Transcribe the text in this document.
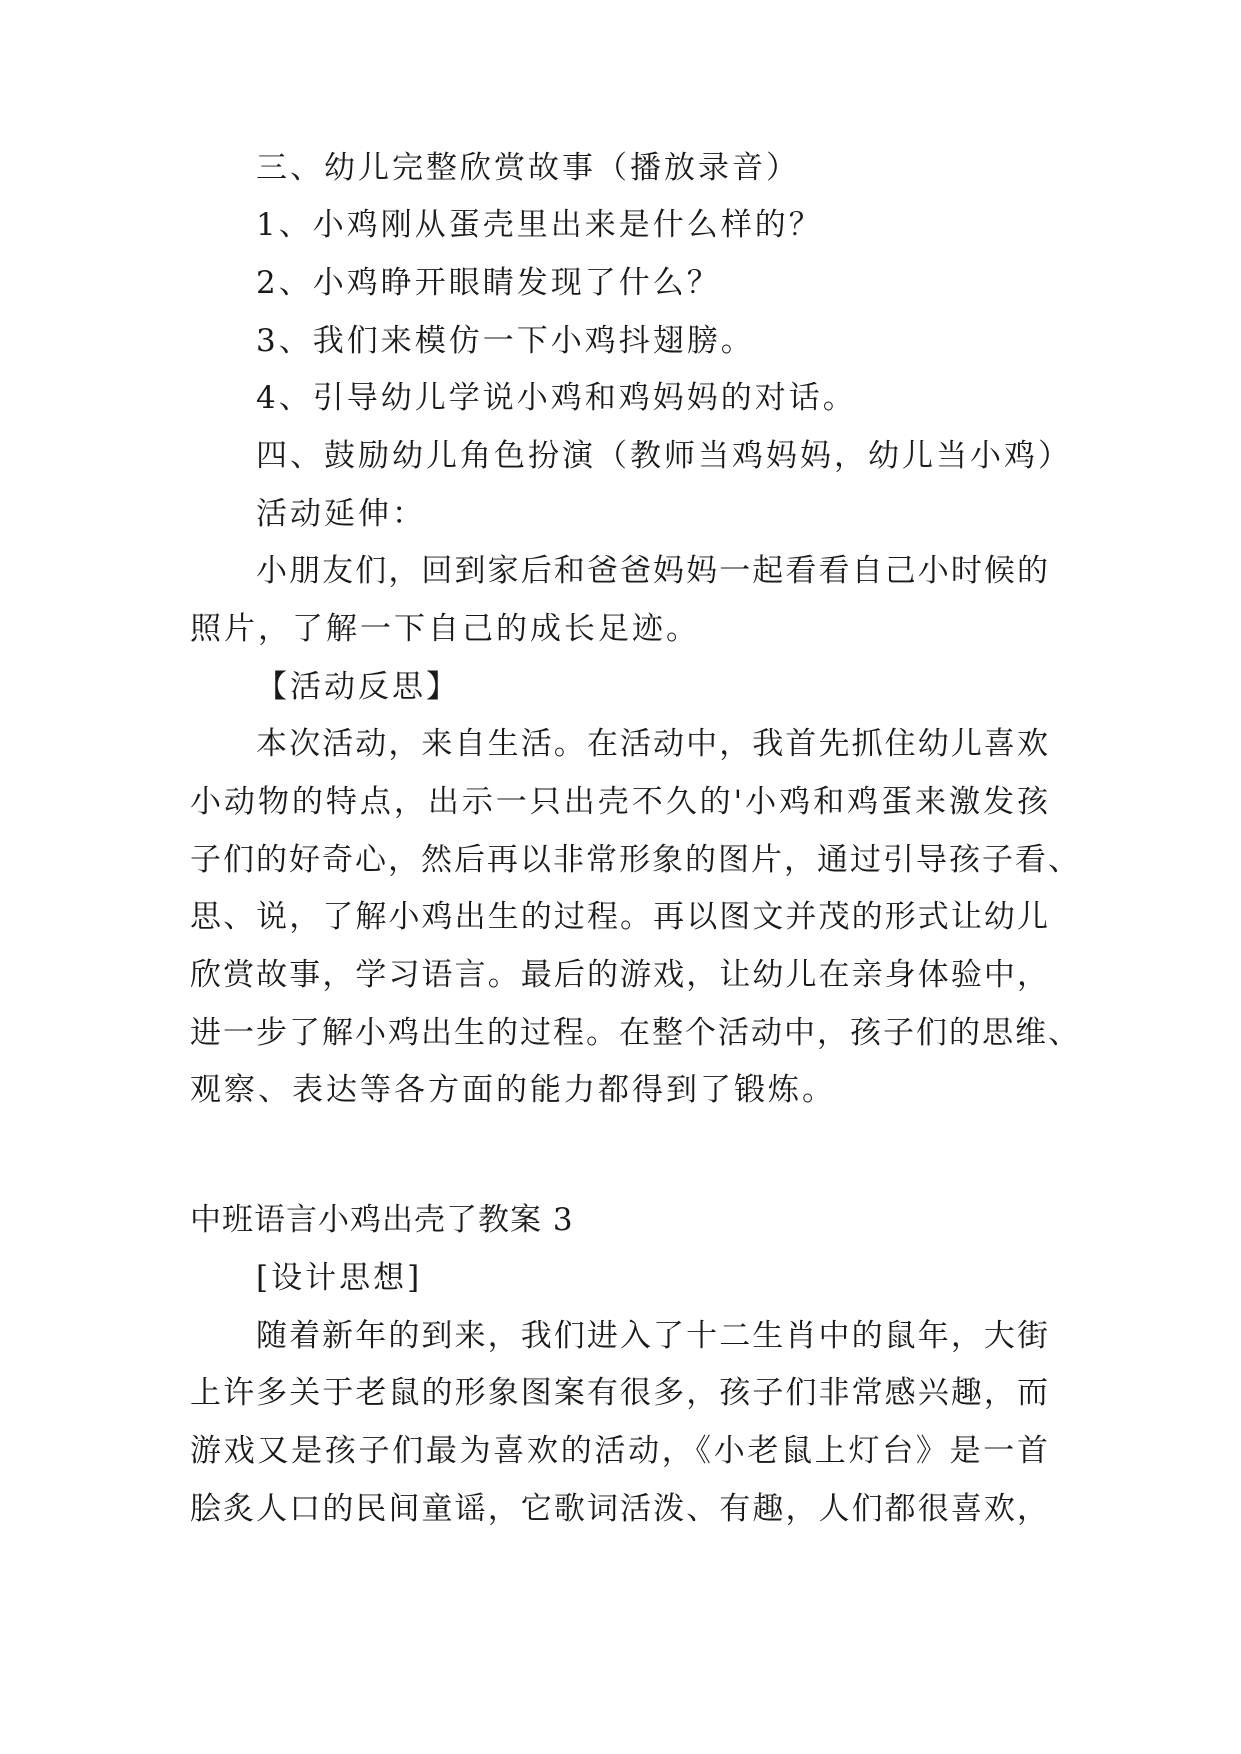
三、幼儿完整欣赏故事（播放录音）
1、小鸡刚从蛋壳里出来是什么样的？
2、小鸡睁开眼睛发现了什么？
3、我们来模仿一下小鸡抖翅膀。
4、引导幼儿学说小鸡和鸡妈妈的对话。
四、鼓励幼儿角色扮演（教师当鸡妈妈，幼儿当小鸡）
活动延伸：
小朋友们，回到家后和爸爸妈妈一起看看自己小时候的
照片，了解一下自己的成长足迹。
【活动反思】
本次活动，来自生活。在活动中，我首先抓住幼儿喜欢
小动物的特点，出示一只出壳不久的'小鸡和鸡蛋来激发孩
子们的好奇心，然后再以非常形象的图片，通过引导孩子看、
思、说，了解小鸡出生的过程。再以图文并茂的形式让幼儿
欣赏故事，学习语言。最后的游戏，让幼儿在亲身体验中，
进一步了解小鸡出生的过程。在整个活动中，孩子们的思维、
观察、表达等各方面的能力都得到了锻炼。
中班语言小鸡出壳了教案 3
[设计思想]
随着新年的到来，我们进入了十二生肖中的鼠年，大街
上许多关于老鼠的形象图案有很多，孩子们非常感兴趣，而
游戏又是孩子们最为喜欢的活动，《小老鼠上灯台》是一首
脍炙人口的民间童谣，它歌词活泼、有趣，人们都很喜欢，
